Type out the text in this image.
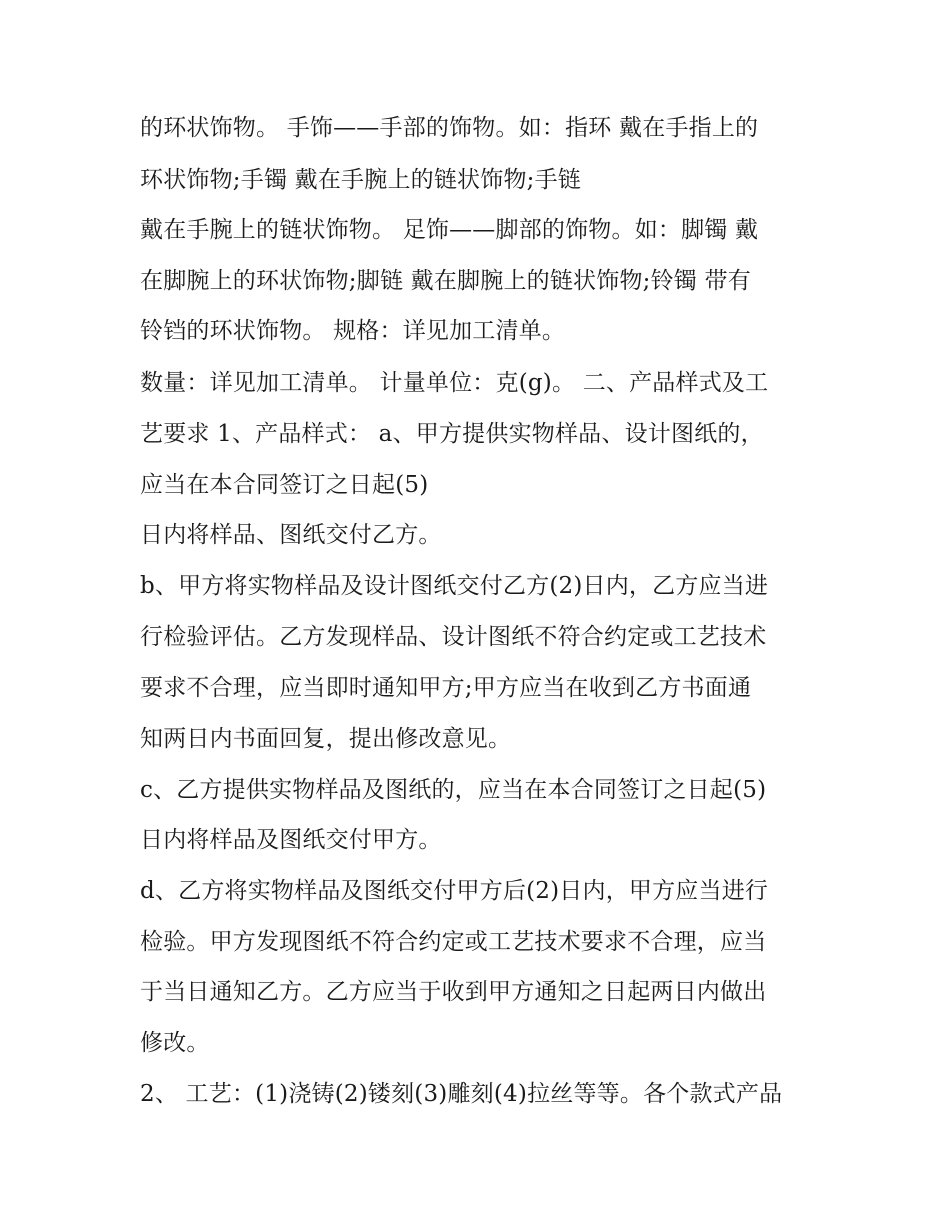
的环状饰物。 手饰——手部的饰物。如：指环 戴在手指上的
环状饰物;手镯 戴在手腕上的链状饰物;手链
戴在手腕上的链状饰物。 足饰——脚部的饰物。如：脚镯 戴
在脚腕上的环状饰物;脚链 戴在脚腕上的链状饰物;铃镯 带有
铃铛的环状饰物。 规格：详见加工清单。
数量：详见加工清单。 计量单位：克(g)。 二、产品样式及工
艺要求 1、产品样式： a、甲方提供实物样品、设计图纸的，
应当在本合同签订之日起(5)
日内将样品、图纸交付乙方。
b、甲方将实物样品及设计图纸交付乙方(2)日内，乙方应当进
行检验评估。乙方发现样品、设计图纸不符合约定或工艺技术
要求不合理，应当即时通知甲方;甲方应当在收到乙方书面通
知两日内书面回复，提出修改意见。
c、乙方提供实物样品及图纸的，应当在本合同签订之日起(5)
日内将样品及图纸交付甲方。
d、乙方将实物样品及图纸交付甲方后(2)日内，甲方应当进行
检验。甲方发现图纸不符合约定或工艺技术要求不合理，应当
于当日通知乙方。乙方应当于收到甲方通知之日起两日内做出
修改。
2、 工艺：(1)浇铸(2)镂刻(3)雕刻(4)拉丝等等。各个款式产品
